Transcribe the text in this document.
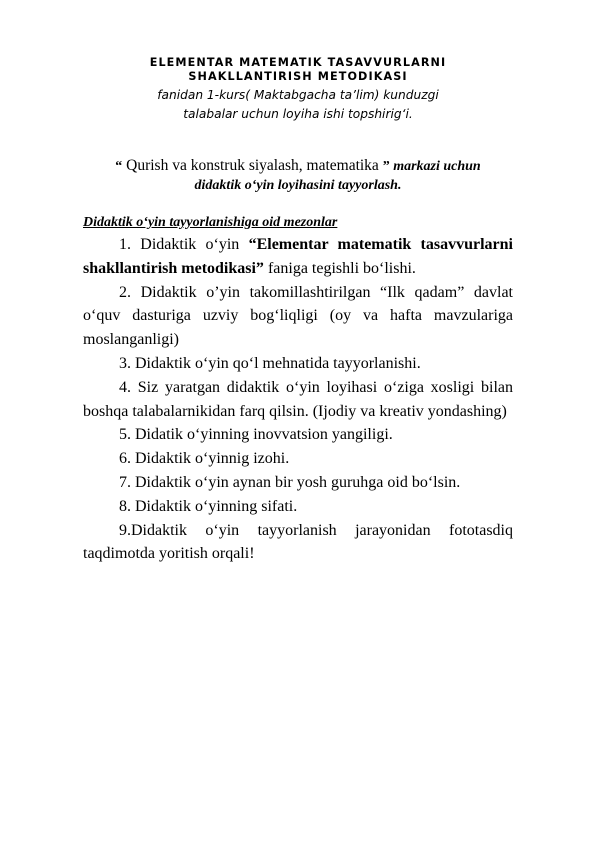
ELEMENTAR MATEMATIK TASAVVURLARNI
SHAKLLANTIRISH METODIKASI
fanidan 1-kurs( Maktabgacha ta’lim) kunduzgi
talabalar uchun loyiha ishi topshirig‘i.
“ Qurish va konstruk siyalash, matematika ” markazi uchun
didaktik o‘yin loyihasini tayyorlash.
Didaktik o‘yin tayyorlanishiga oid mezonlar

1. Didaktik o‘yin “Elementar matematik tasavvurlarni shakllantirish metodikasi” faniga tegishli bo‘lishi.

2. Didaktik o’yin takomillashtirilgan “Ilk qadam” davlat o‘quv dasturiga uzviy bog‘liqligi (oy va hafta mavzulariga moslanganligi)

3. Didaktik o‘yin qo‘l mehnatida tayyorlanishi.

4. Siz yaratgan didaktik o‘yin loyihasi o‘ziga xosligi bilan boshqa talabalarnikidan farq qilsin. (Ijodiy va kreativ yondashing)

5. Didatik o‘yinning inovvatsion yangiligi.

6. Didaktik o‘yinnig izohi.

7. Didaktik o‘yin aynan bir yosh guruhga oid bo‘lsin.

8. Didaktik o‘yinning sifati.

9.Didaktik o‘yin tayyorlanish jarayonidan fototasdiq taqdimotda yoritish orqali!
